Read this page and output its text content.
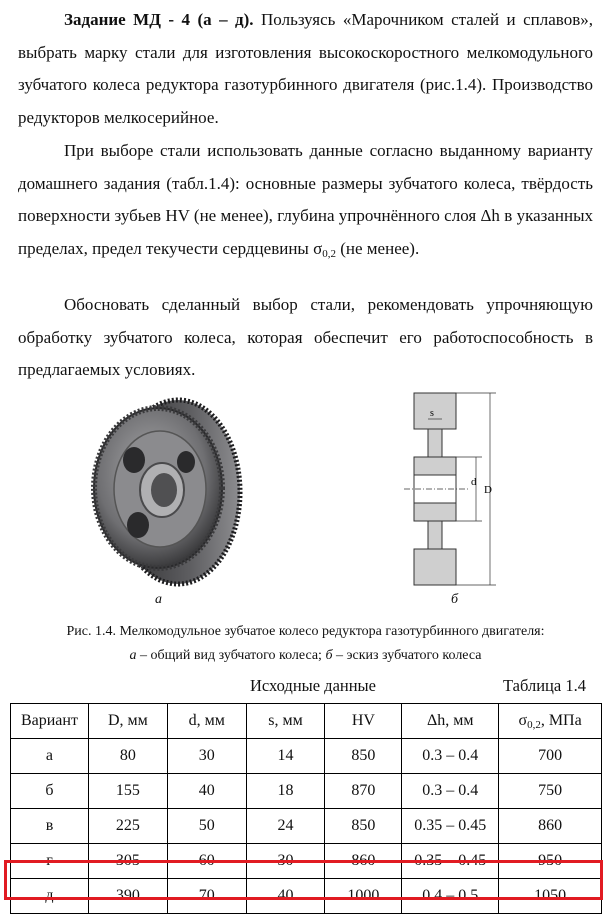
Задание МД - 4 (а – д). Пользуясь «Марочником сталей и сплавов», выбрать марку стали для изготовления высокоскоростного мелкомодульного зубчатого колеса редуктора газотурбинного двигателя (рис.1.4). Производство редукторов мелкосерийное.

При выборе стали использовать данные согласно выданному варианту домашнего задания (табл.1.4): основные размеры зубчатого колеса, твёрдость поверхности зубьев HV (не менее), глубина упрочнённого слоя Δh в указанных пределах, предел текучести сердцевины $\sigma_{0,2}$ (не менее).

Обосновать сделанный выбор стали, рекомендовать упрочняющую обработку зубчатого колеса, которая обеспечит его работоспособность в предлагаемых условиях.

а
s
d
D
б
Рис. 1.4. Мелкомодульное зубчатое колесо редуктора газотурбинного двигателя:
а – общий вид зубчатого колеса; б – эскиз зубчатого колеса
Исходные данные	Таблица 1.4
Вариант	D, мм	d, мм	s, мм	HV	Δh, мм	$\sigma_{0,2}$, МПа
а	80	30	14	850	0.3 – 0.4	700
б	155	40	18	870	0.3 – 0.4	750
в	225	50	24	850	0.35 – 0.45	860
г	305	60	30	860	0.35 – 0.45	950
д	390	70	40	1000	0.4 – 0.5	1050
